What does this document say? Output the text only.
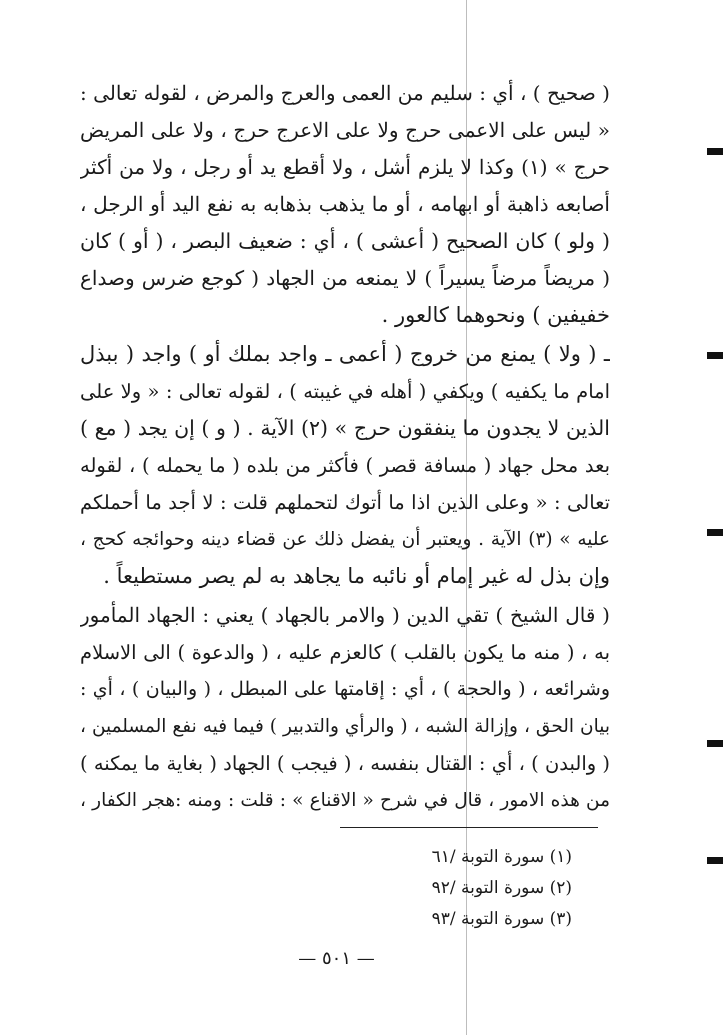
( صحيح ) ، أي : سليم من العمى والعرج والمرض ، لقوله تعالى :
« ليس على الاعمى حرج ولا على الاعرج حرج ، ولا على المريض
حرج » (١) وكذا لا يلزم أشل ، ولا أقطع يد أو رجل ، ولا من أكثر
أصابعه ذاهبة أو ابهامه ، أو ما يذهب بذهابه به نفع اليد أو الرجل ،
( ولو ) كان الصحيح ( أعشى ) ، أي : ضعيف البصر ، ( أو ) كان
( مريضاً مرضاً يسيراً ) لا يمنعه من الجهاد ( كوجع ضرس وصداع
خفيفين ) ونحوهما كالعور .
ـ ( ولا ) يمنع من خروج ( أعمى ـ واجد بملك أو ) واجد ( ببذل
امام ما يكفيه ) ويكفي ( أهله في غيبته ) ، لقوله تعالى : « ولا على
الذين لا يجدون ما ينفقون حرج » (٢) الآية . ( و ) إن يجد ( مع )
بعد محل جهاد ( مسافة قصر ) فأكثر من بلده ( ما يحمله ) ، لقوله
تعالى : « وعلى الذين اذا ما أتوك لتحملهم قلت : لا أجد ما أحملكم
عليه » (٣) الآية . ويعتبر أن يفضل ذلك عن قضاء دينه وحوائجه كحج ،
وإن بذل له غير إمام أو نائبه ما يجاهد به لم يصر مستطيعاً .
( قال الشيخ ) تقي الدين ( والامر بالجهاد ) يعني : الجهاد المأمور
به ، ( منه ما يكون بالقلب ) كالعزم عليه ، ( والدعوة ) الى الاسلام
وشرائعه ، ( والحجة ) ، أي : إقامتها على المبطل ، ( والبيان ) ، أي :
بيان الحق ، وإزالة الشبه ، ( والرأي والتدبير ) فيما فيه نفع المسلمين ،
( والبدن ) ، أي : القتال بنفسه ، ( فيجب ) الجهاد ( بغاية ما يمكنه )
من هذه الامور ، قال في شرح « الاقناع » : قلت : ومنه :هجر الكفار ،
(١) سورة التوبة /٦١
(٢) سورة التوبة /٩٢
(٣) سورة التوبة /٩٣
— ٥٠١ —
